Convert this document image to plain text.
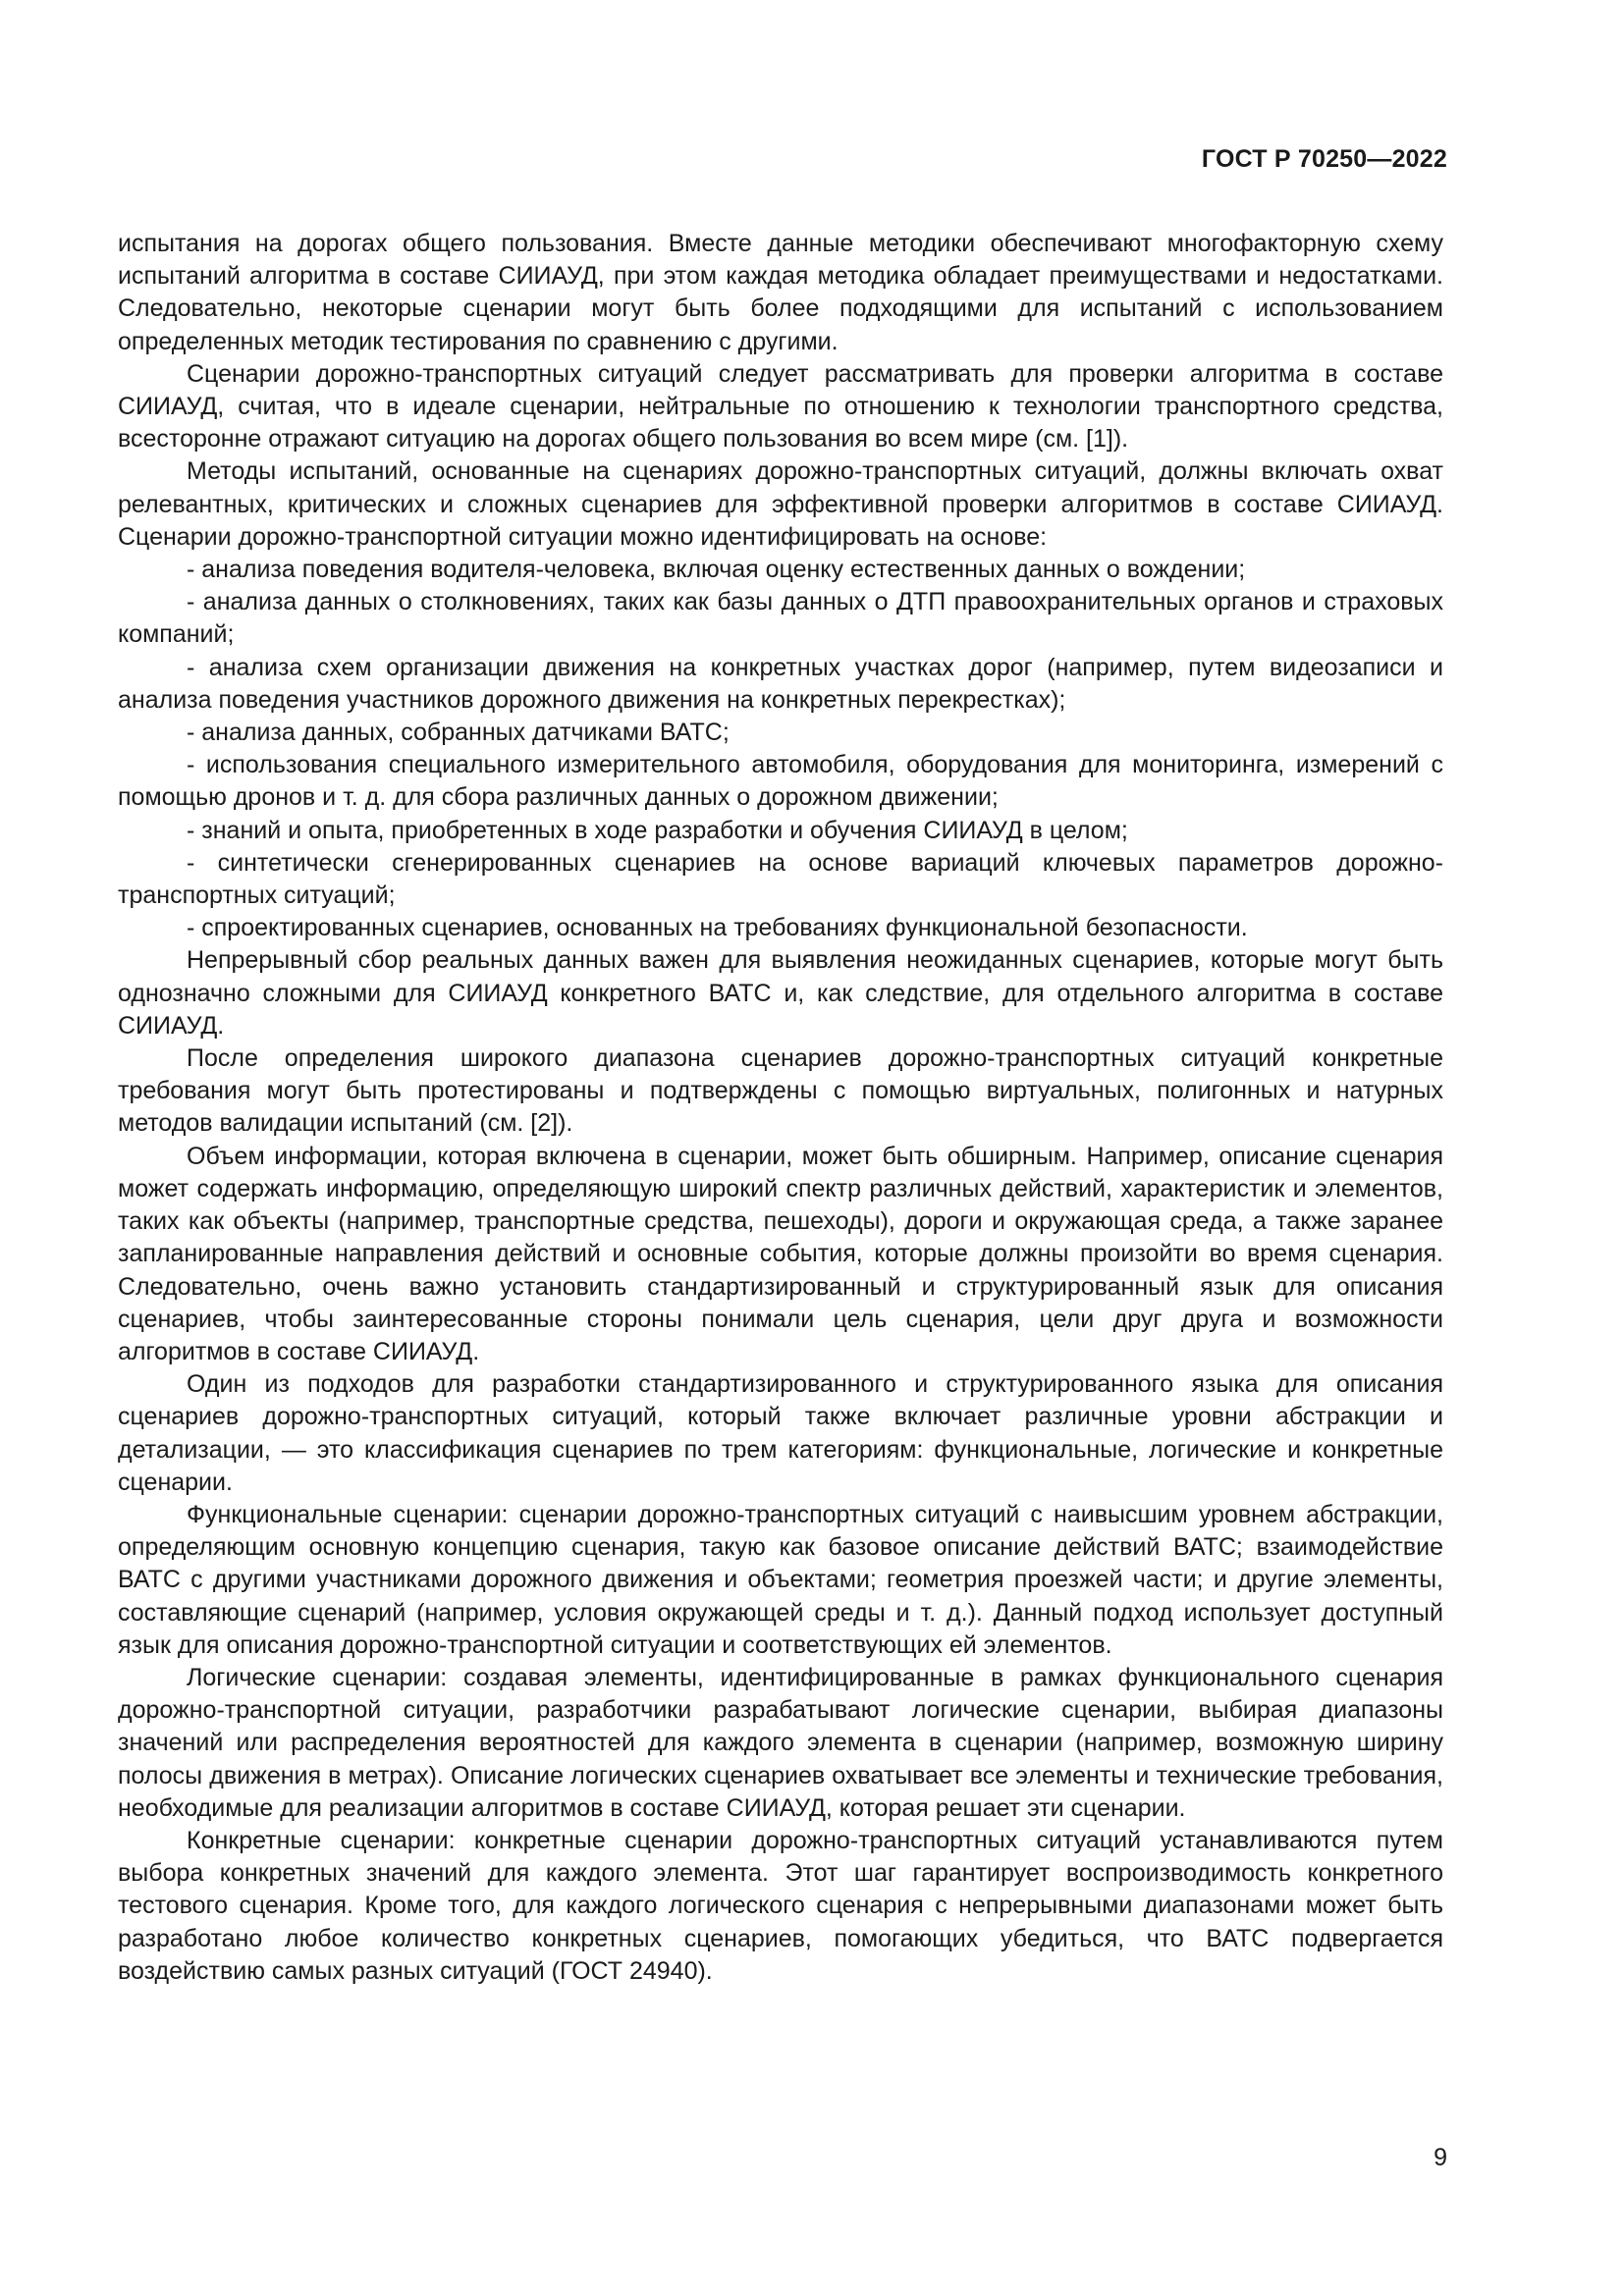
ГОСТ Р 70250—2022

испытания на дорогах общего пользования. Вместе данные методики обеспечивают многофакторную схему испытаний алгоритма в составе СИИАУД, при этом каждая методика обладает преимуществами и недостатками. Следовательно, некоторые сценарии могут быть более подходящими для испытаний с использованием определенных методик тестирования по сравнению с другими.

Сценарии дорожно-транспортных ситуаций следует рассматривать для проверки алгоритма в составе СИИАУД, считая, что в идеале сценарии, нейтральные по отношению к технологии транспортного средства, всесторонне отражают ситуацию на дорогах общего пользования во всем мире (см. [1]).

Методы испытаний, основанные на сценариях дорожно-транспортных ситуаций, должны включать охват релевантных, критических и сложных сценариев для эффективной проверки алгоритмов в составе СИИАУД. Сценарии дорожно-транспортной ситуации можно идентифицировать на основе:

- анализа поведения водителя-человека, включая оценку естественных данных о вождении;

- анализа данных о столкновениях, таких как базы данных о ДТП правоохранительных органов и страховых компаний;

- анализа схем организации движения на конкретных участках дорог (например, путем видеозаписи и анализа поведения участников дорожного движения на конкретных перекрестках);

- анализа данных, собранных датчиками ВАТС;

- использования специального измерительного автомобиля, оборудования для мониторинга, измерений с помощью дронов и т. д. для сбора различных данных о дорожном движении;

- знаний и опыта, приобретенных в ходе разработки и обучения СИИАУД в целом;

- синтетически сгенерированных сценариев на основе вариаций ключевых параметров дорожно-транспортных ситуаций;

- спроектированных сценариев, основанных на требованиях функциональной безопасности.

Непрерывный сбор реальных данных важен для выявления неожиданных сценариев, которые могут быть однозначно сложными для СИИАУД конкретного ВАТС и, как следствие, для отдельного алгоритма в составе СИИАУД.

После определения широкого диапазона сценариев дорожно-транспортных ситуаций конкретные требования могут быть протестированы и подтверждены с помощью виртуальных, полигонных и натурных методов валидации испытаний (см. [2]).

Объем информации, которая включена в сценарии, может быть обширным. Например, описание сценария может содержать информацию, определяющую широкий спектр различных действий, характеристик и элементов, таких как объекты (например, транспортные средства, пешеходы), дороги и окружающая среда, а также заранее запланированные направления действий и основные события, которые должны произойти во время сценария. Следовательно, очень важно установить стандартизированный и структурированный язык для описания сценариев, чтобы заинтересованные стороны понимали цель сценария, цели друг друга и возможности алгоритмов в составе СИИАУД.

Один из подходов для разработки стандартизированного и структурированного языка для описания сценариев дорожно-транспортных ситуаций, который также включает различные уровни абстракции и детализации, — это классификация сценариев по трем категориям: функциональные, логические и конкретные сценарии.

Функциональные сценарии: сценарии дорожно-транспортных ситуаций с наивысшим уровнем абстракции, определяющим основную концепцию сценария, такую как базовое описание действий ВАТС; взаимодействие ВАТС с другими участниками дорожного движения и объектами; геометрия проезжей части; и другие элементы, составляющие сценарий (например, условия окружающей среды и т. д.). Данный подход использует доступный язык для описания дорожно-транспортной ситуации и соответствующих ей элементов.

Логические сценарии: создавая элементы, идентифицированные в рамках функционального сценария дорожно-транспортной ситуации, разработчики разрабатывают логические сценарии, выбирая диапазоны значений или распределения вероятностей для каждого элемента в сценарии (например, возможную ширину полосы движения в метрах). Описание логических сценариев охватывает все элементы и технические требования, необходимые для реализации алгоритмов в составе СИИАУД, которая решает эти сценарии.

Конкретные сценарии: конкретные сценарии дорожно-транспортных ситуаций устанавливаются путем выбора конкретных значений для каждого элемента. Этот шаг гарантирует воспроизводимость конкретного тестового сценария. Кроме того, для каждого логического сценария с непрерывными диапазонами может быть разработано любое количество конкретных сценариев, помогающих убедиться, что ВАТС подвергается воздействию самых разных ситуаций (ГОСТ 24940).

9
